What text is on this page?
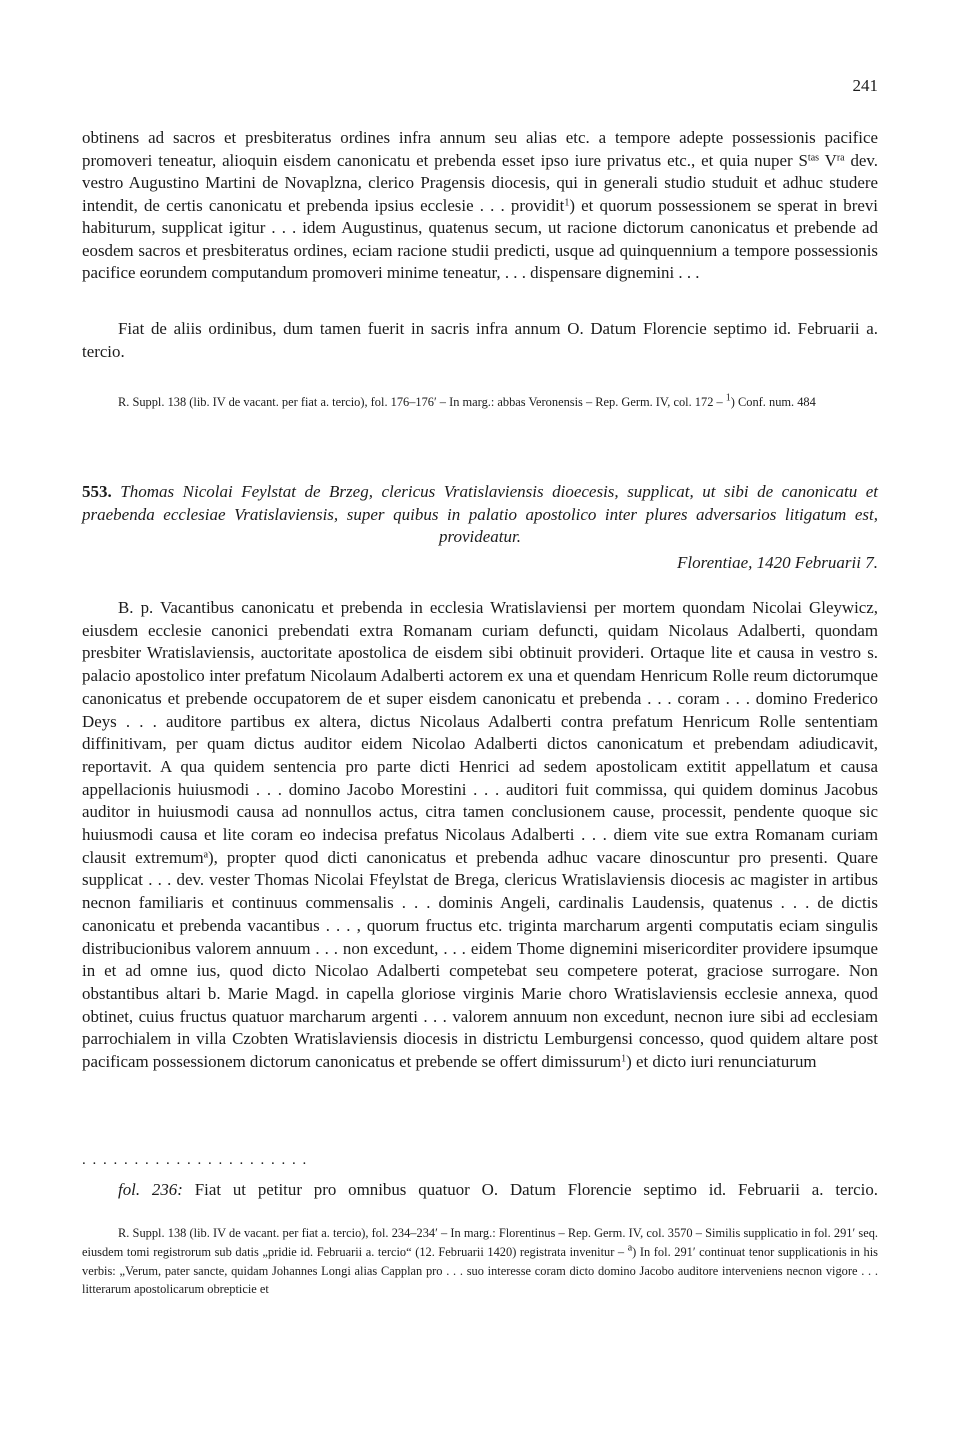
241

obtinens ad sacros et presbiteratus ordines infra annum seu alias etc. a tempore adepte possessionis pacifice promoveri teneatur, alioquin eisdem canonicatu et prebenda esset ipso iure privatus etc., et quia nuper $S^{tas}$ $V^{ra}$ dev. vestro Augustino Martini de Novaplzna, clerico Pragensis diocesis, qui in generali studio studuit et adhuc studere intendit, de certis canonicatu et prebenda ipsius ecclesie . . . providit$^1$) et quorum possessionem se sperat in brevi habiturum, supplicat igitur . . . idem Augustinus, quatenus secum, ut racione dictorum canonicatus et prebende ad eosdem sacros et presbiteratus ordines, eciam racione studii predicti, usque ad quinquennium a tempore possessionis pacifice eorundem computandum promoveri minime teneatur, . . . dispensare dignemini . . .

Fiat de aliis ordinibus, dum tamen fuerit in sacris infra annum O. Datum Florencie septimo id. Februarii a. tercio.

R. Suppl. 138 (lib. IV de vacant. per fiat a. tercio), fol. 176–176′ – In marg.: abbas Veronensis – Rep. Germ. IV, col. 172 – $^1$) Conf. num. 484

553. Thomas Nicolai Feylstat de Brzeg, clericus Vratislaviensis dioecesis, supplicat, ut sibi de canonicatu et praebenda ecclesiae Vratislaviensis, super quibus in palatio apostolico inter plures adversarios litigatum est, provideatur.

Florentiae, 1420 Februarii 7.

B. p. Vacantibus canonicatu et prebenda in ecclesia Wratislaviensi per mortem quondam Nicolai Gleywicz, eiusdem ecclesie canonici prebendati extra Romanam curiam defuncti, quidam Nicolaus Adalberti, quondam presbiter Wratislaviensis, auctoritate apostolica de eisdem sibi obtinuit provideri. Ortaque lite et causa in vestro s. palacio apostolico inter prefatum Nicolaum Adalberti actorem ex una et quendam Henricum Rolle reum dictorumque canonicatus et prebende occupatorem de et super eisdem canonicatu et prebenda . . . coram . . . domino Frederico Deys . . . auditore partibus ex altera, dictus Nicolaus Adalberti contra prefatum Henricum Rolle sententiam diffinitivam, per quam dictus auditor eidem Nicolao Adalberti dictos canonicatum et prebendam adiudicavit, reportavit. A qua quidem sentencia pro parte dicti Henrici ad sedem apostolicam extitit appellatum et causa appellacionis huiusmodi . . . domino Jacobo Morestini . . . auditori fuit commissa, qui quidem dominus Jacobus auditor in huiusmodi causa ad nonnullos actus, citra tamen conclusionem cause, processit, pendente quoque sic huiusmodi causa et lite coram eo indecisa prefatus Nicolaus Adalberti . . . diem vite sue extra Romanam curiam clausit extremum$^a$), propter quod dicti canonicatus et prebenda adhuc vacare dinoscuntur pro presenti. Quare supplicat . . . dev. vester Thomas Nicolai Ffeylstat de Brega, clericus Wratislaviensis diocesis ac magister in artibus necnon familiaris et continuus commensalis . . . dominis Angeli, cardinalis Laudensis, quatenus . . . de dictis canonicatu et prebenda vacantibus . . . , quorum fructus etc. triginta marcharum argenti computatis eciam singulis distribucionibus valorem annuum . . . non excedunt, . . . eidem Thome dignemini misericorditer providere ipsumque in et ad omne ius, quod dicto Nicolao Adalberti competebat seu competere poterat, graciose surrogare. Non obstantibus altari b. Marie Magd. in capella gloriose virginis Marie choro Wratislaviensis ecclesie annexa, quod obtinet, cuius fructus quatuor marcharum argenti . . . valorem annuum non excedunt, necnon iure sibi ad ecclesiam parrochialem in villa Czobten Wratislaviensis diocesis in districtu Lemburgensi concesso, quod quidem altare post pacificam possessionem dictorum canonicatus et prebende se offert dimissurum$^1$) et dicto iuri renunciaturum

. . . . . . . . . . . . . . . . . . . . . .
fol. 236: Fiat ut petitur pro omnibus quatuor O. Datum Florencie septimo id. Februarii a. tercio.

R. Suppl. 138 (lib. IV de vacant. per fiat a. tercio), fol. 234–234′ – In marg.: Florentinus – Rep. Germ. IV, col. 3570 – Similis supplicatio in fol. 291′ seq. eiusdem tomi registrorum sub datis „pridie id. Februarii a. tercio“ (12. Februarii 1420) registrata invenitur – $^a$) In fol. 291′ continuat tenor supplicationis in his verbis: „Verum, pater sancte, quidam Johannes Longi alias Capplan pro . . . suo interesse coram dicto domino Jacobo auditore interveniens necnon vigore . . . litterarum apostolicarum obrepticie et
